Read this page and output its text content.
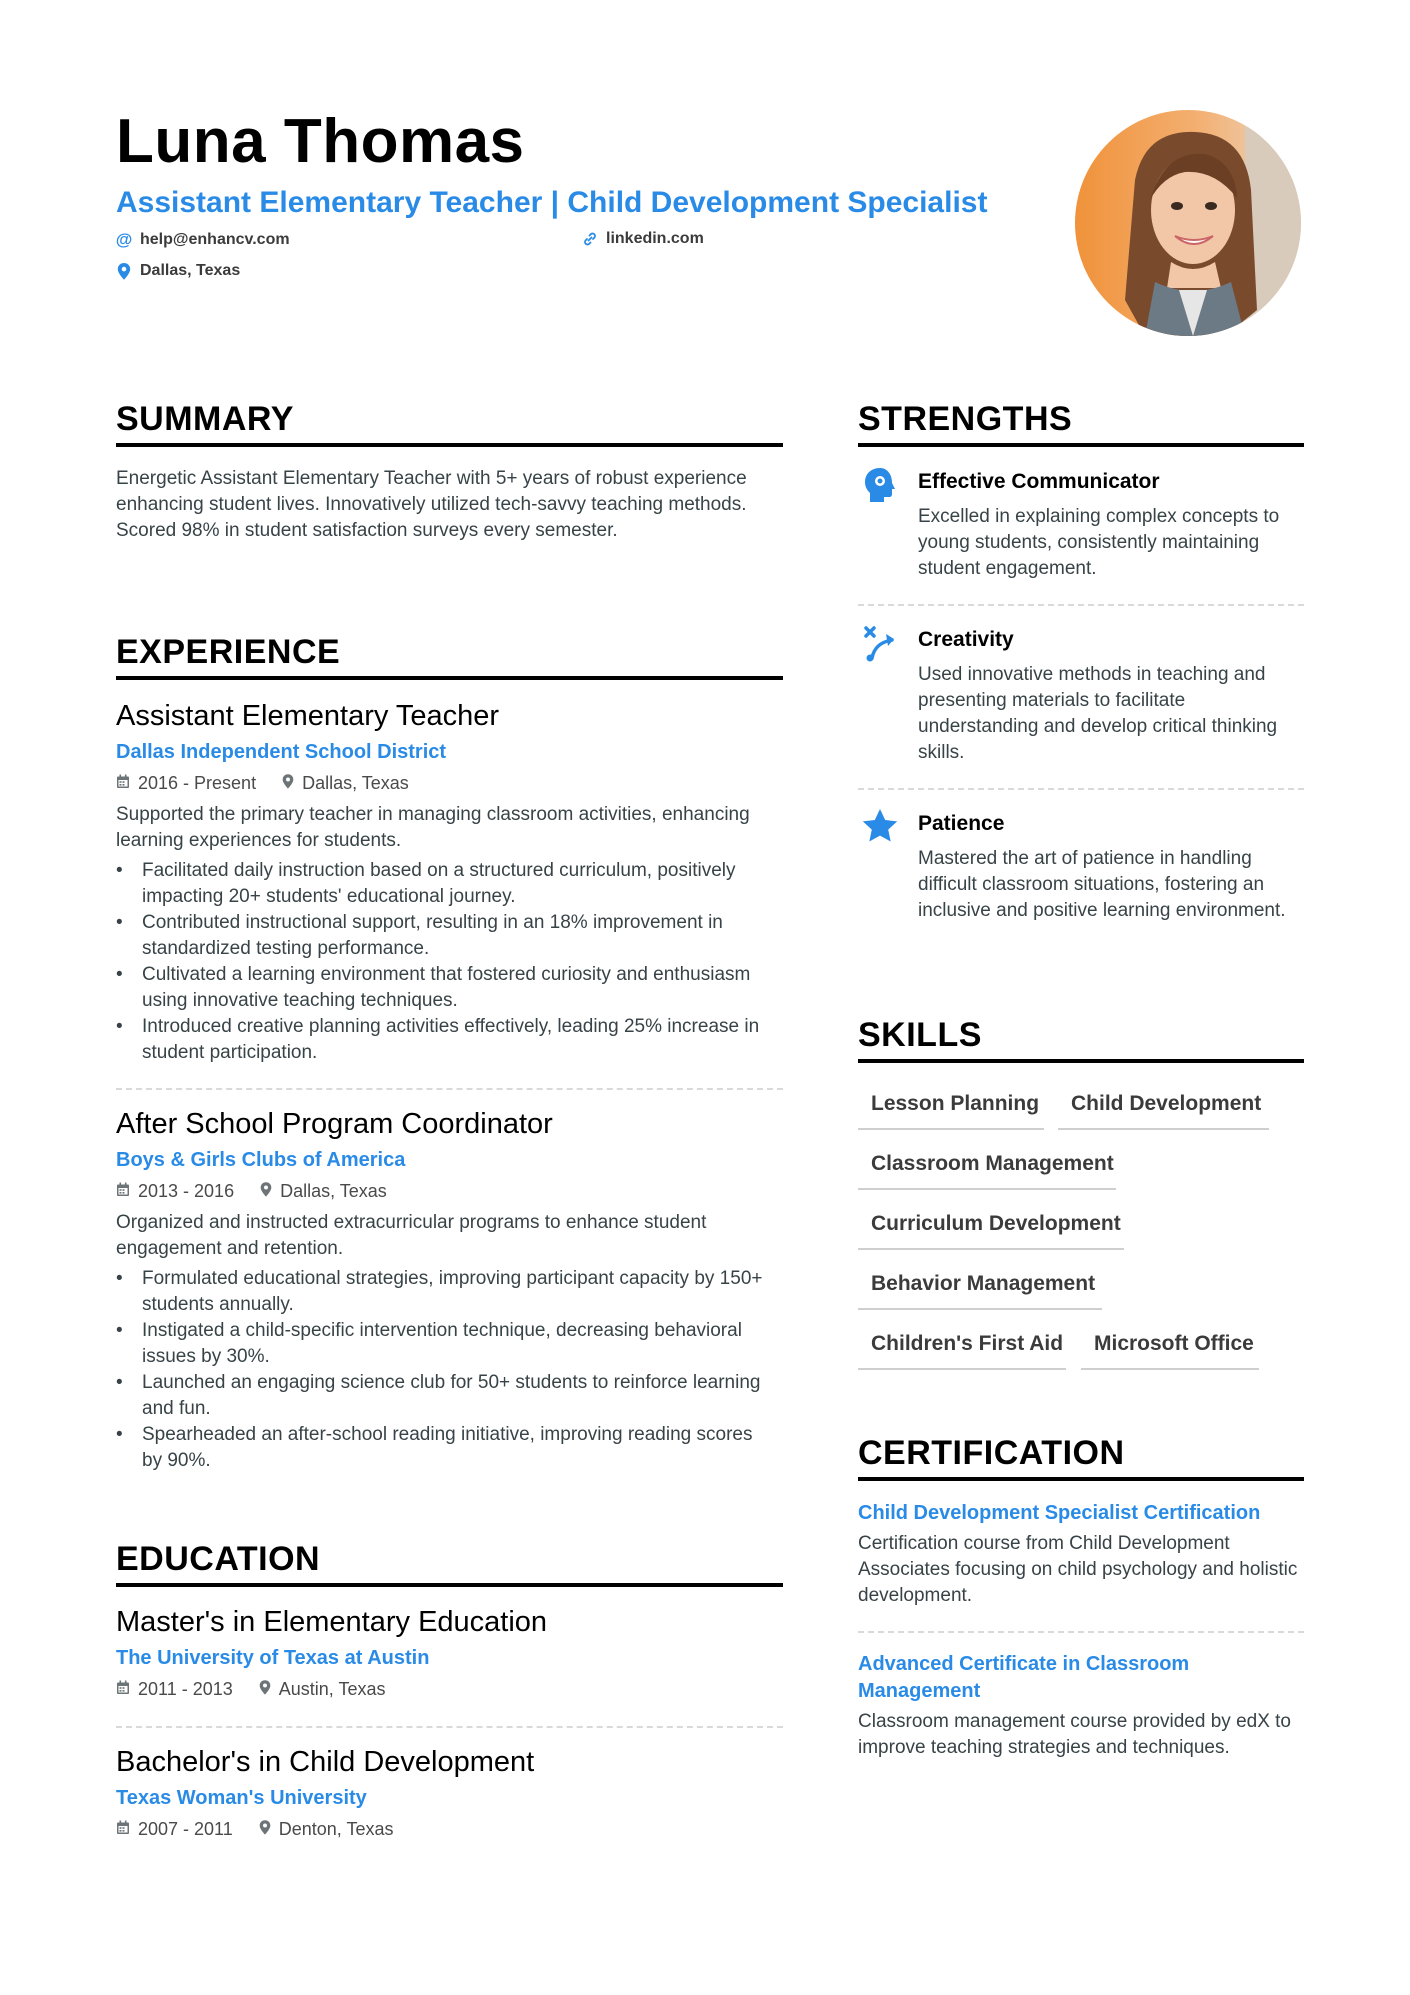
Luna Thomas
Assistant Elementary Teacher | Child Development Specialist
@ help@enhancv.com	linkedin.com
Dallas, Texas
SUMMARY
Energetic Assistant Elementary Teacher with 5+ years of robust experience enhancing student lives. Innovatively utilized tech-savvy teaching methods. Scored 98% in student satisfaction surveys every semester.
EXPERIENCE
Assistant Elementary Teacher
Dallas Independent School District
2016 - Present	Dallas, Texas
Supported the primary teacher in managing classroom activities, enhancing learning experiences for students.
• Facilitated daily instruction based on a structured curriculum, positively impacting 20+ students' educational journey.
• Contributed instructional support, resulting in an 18% improvement in standardized testing performance.
• Cultivated a learning environment that fostered curiosity and enthusiasm using innovative teaching techniques.
• Introduced creative planning activities effectively, leading 25% increase in student participation.
After School Program Coordinator
Boys & Girls Clubs of America
2013 - 2016	Dallas, Texas
Organized and instructed extracurricular programs to enhance student engagement and retention.
• Formulated educational strategies, improving participant capacity by 150+ students annually.
• Instigated a child-specific intervention technique, decreasing behavioral issues by 30%.
• Launched an engaging science club for 50+ students to reinforce learning and fun.
• Spearheaded an after-school reading initiative, improving reading scores by 90%.
EDUCATION
Master's in Elementary Education
The University of Texas at Austin
2011 - 2013	Austin, Texas
Bachelor's in Child Development
Texas Woman's University
2007 - 2011	Denton, Texas
STRENGTHS
Effective Communicator
Excelled in explaining complex concepts to young students, consistently maintaining student engagement.
Creativity
Used innovative methods in teaching and presenting materials to facilitate understanding and develop critical thinking skills.
Patience
Mastered the art of patience in handling difficult classroom situations, fostering an inclusive and positive learning environment.
SKILLS
Lesson Planning	Child Development
Classroom Management
Curriculum Development
Behavior Management
Children's First Aid	Microsoft Office
CERTIFICATION
Child Development Specialist Certification
Certification course from Child Development Associates focusing on child psychology and holistic development.
Advanced Certificate in Classroom Management
Classroom management course provided by edX to improve teaching strategies and techniques.
